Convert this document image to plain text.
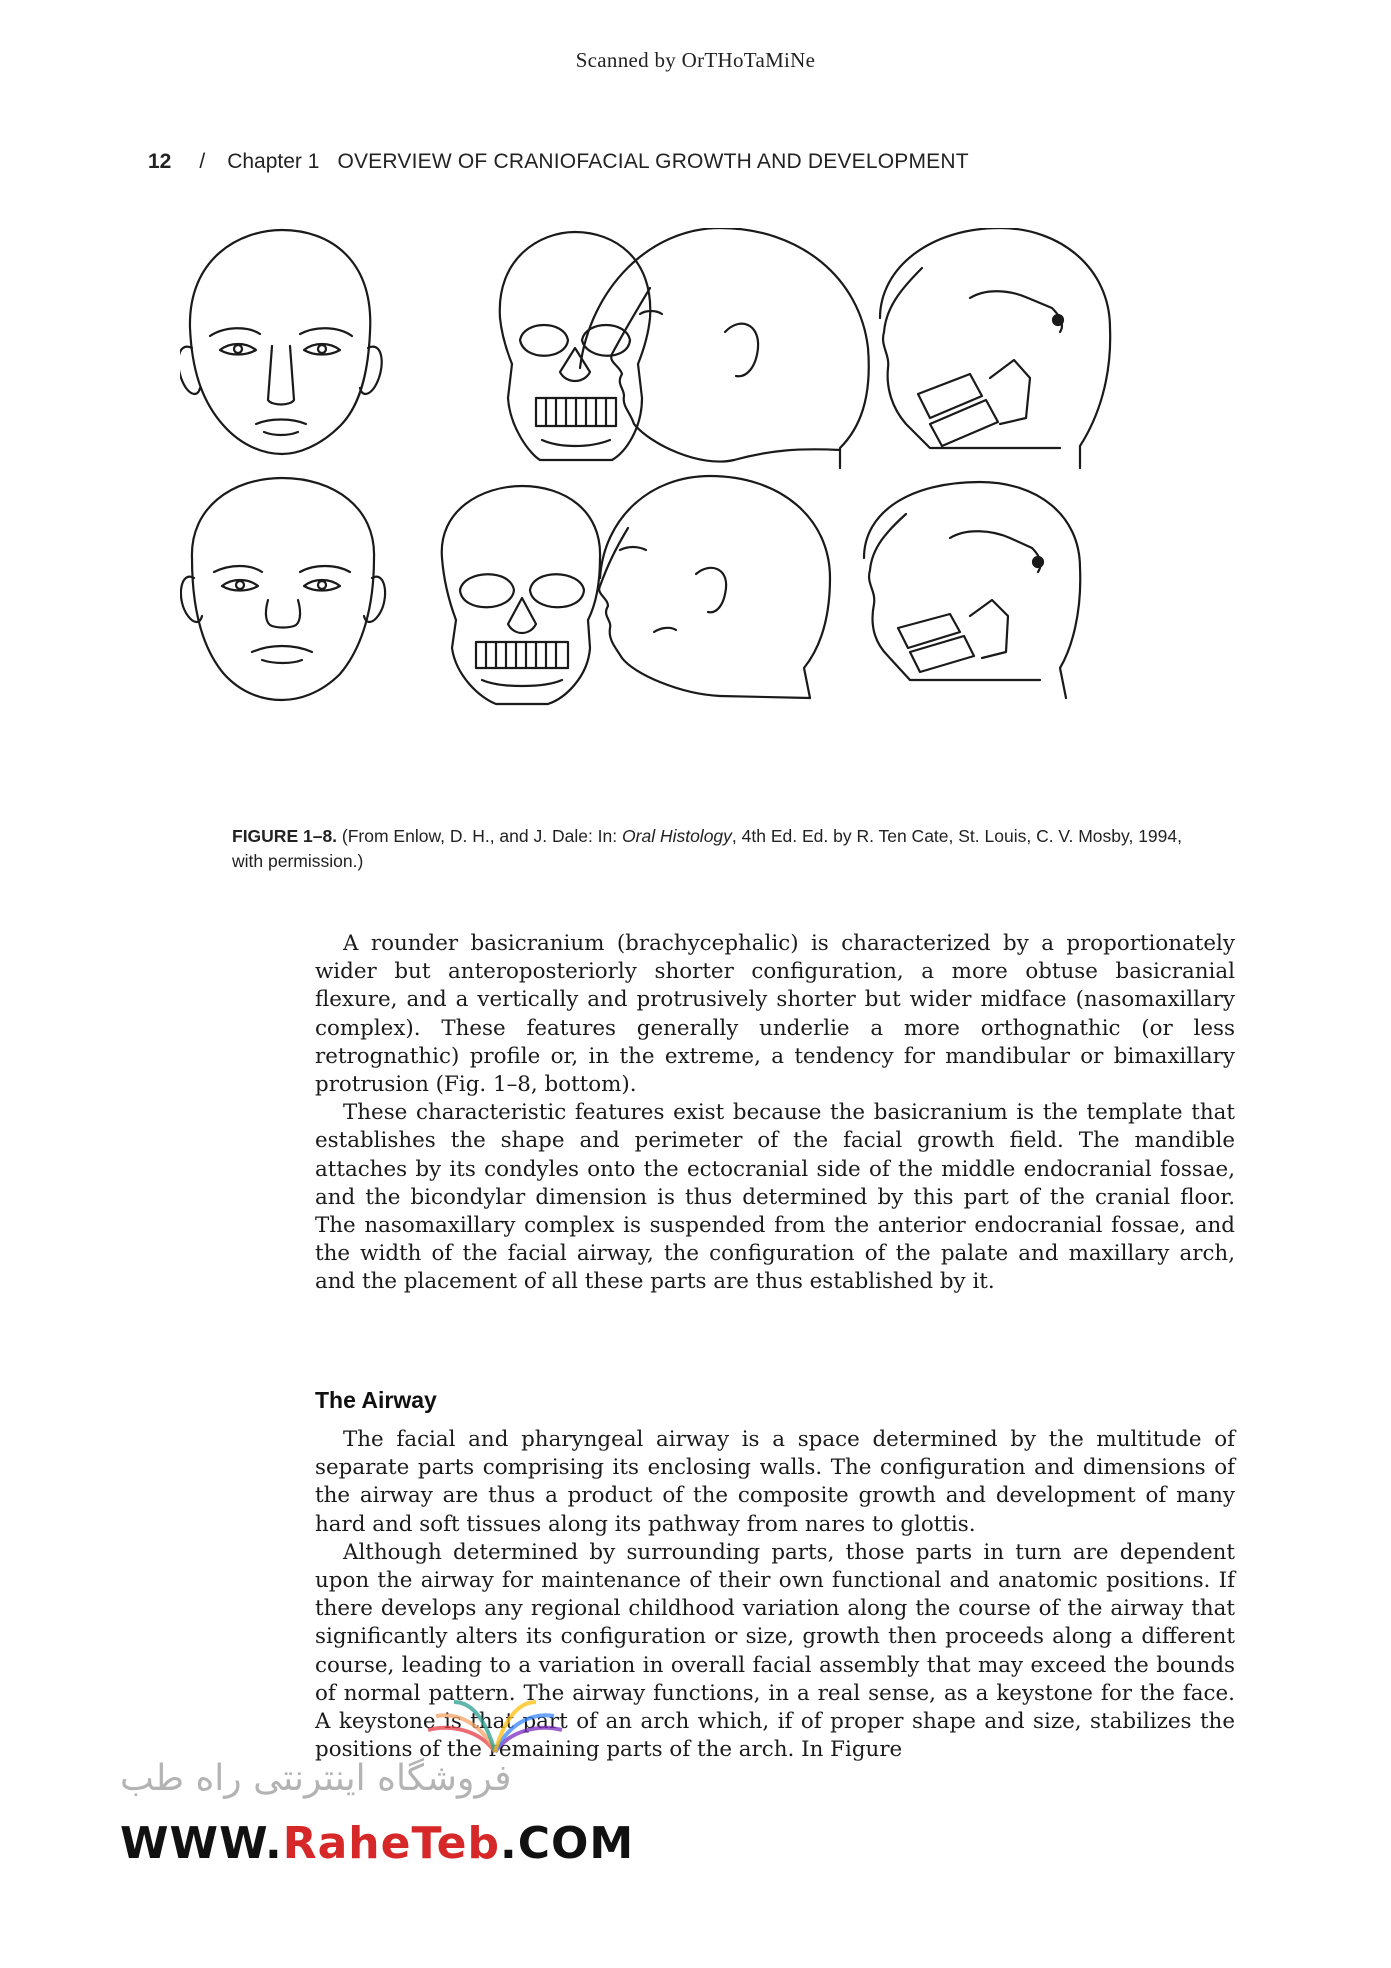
Scanned by OrTHoTaMiNe
12 / Chapter 1 OVERVIEW OF CRANIOFACIAL GROWTH AND DEVELOPMENT
FIGURE 1–8. (From Enlow, D. H., and J. Dale: In: Oral Histology, 4th Ed. Ed. by R. Ten Cate, St. Louis, C. V. Mosby, 1994, with permission.)

A rounder basicranium (brachycephalic) is characterized by a proportionately wider but anteroposteriorly shorter configuration, a more obtuse basicranial flexure, and a vertically and protrusively shorter but wider midface (nasomaxillary complex). These features generally underlie a more orthognathic (or less retrognathic) profile or, in the extreme, a tendency for mandibular or bimaxillary protrusion (Fig. 1–8, bottom).

These characteristic features exist because the basicranium is the template that establishes the shape and perimeter of the facial growth field. The mandible attaches by its condyles onto the ectocranial side of the middle endocranial fossae, and the bicondylar dimension is thus determined by this part of the cranial floor. The nasomaxillary complex is suspended from the anterior endocranial fossae, and the width of the facial airway, the configuration of the palate and maxillary arch, and the placement of all these parts are thus established by it.

The Airway

The facial and pharyngeal airway is a space determined by the multitude of separate parts comprising its enclosing walls. The configuration and dimensions of the airway are thus a product of the composite growth and development of many hard and soft tissues along its pathway from nares to glottis.

Although determined by surrounding parts, those parts in turn are dependent upon the airway for maintenance of their own functional and anatomic positions. If there develops any regional childhood variation along the course of the airway that significantly alters its configuration or size, growth then proceeds along a different course, leading to a variation in overall facial assembly that may exceed the bounds of normal pattern. The airway functions, in a real sense, as a keystone for the face. A keystone is that part of an arch which, if of proper shape and size, stabilizes the positions of the remaining parts of the arch. In Figure

فروشگاه اینترنتی راه طب
WWW.RaheTeb.COM
